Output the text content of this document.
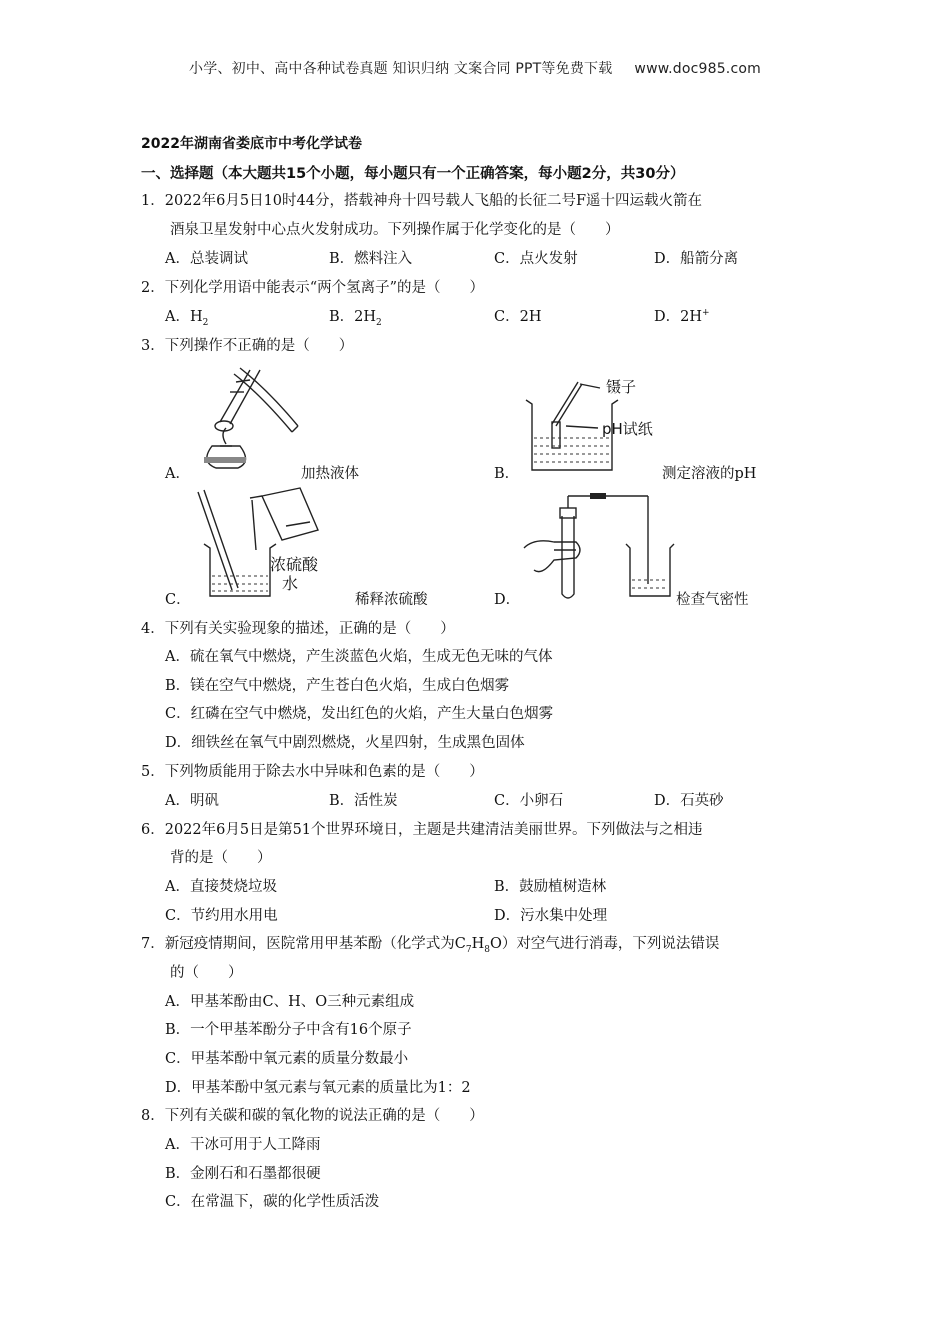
小学、初中、高中各种试卷真题 知识归纳 文案合同 PPT等免费下载 www.doc985.com
2022年湖南省娄底市中考化学试卷
一、选择题（本大题共15个小题，每小题只有一个正确答案，每小题2分，共30分）
1．2022年6月5日10时44分，搭载神舟十四号载人飞船的长征二号F遥十四运载火箭在
酒泉卫星发射中心点火发射成功。下列操作属于化学变化的是（　　）
A．总装调试	B．燃料注入	C．点火发射	D．船箭分离
2．下列化学用语中能表示“两个氢离子”的是（　　）
A．$H_2$	B．$2H_2$	C．2H	D．2H+
3．下列操作不正确的是（　　）
A．	加热液体
镊子
pH试纸
B．	测定溶液的pH
浓硫酸
水
C．	稀释浓硫酸	D．	检查气密性
4．下列有关实验现象的描述，正确的是（　　）
A．硫在氧气中燃烧，产生淡蓝色火焰，生成无色无味的气体
B．镁在空气中燃烧，产生苍白色火焰，生成白色烟雾
C．红磷在空气中燃烧，发出红色的火焰，产生大量白色烟雾
D．细铁丝在氧气中剧烈燃烧，火星四射，生成黑色固体
5．下列物质能用于除去水中异味和色素的是（　　）
A．明矾	B．活性炭	C．小卵石	D．石英砂
6．2022年6月5日是第51个世界环境日，主题是共建清洁美丽世界。下列做法与之相违
背的是（　　）
A．直接焚烧垃圾	B．鼓励植树造林
C．节约用水用电	D．污水集中处理
7．新冠疫情期间，医院常用甲基苯酚（化学式为$C_7H_8O$）对空气进行消毒，下列说法错误
的（　　）
A．甲基苯酚由C、H、O三种元素组成
B．一个甲基苯酚分子中含有16个原子
C．甲基苯酚中氧元素的质量分数最小
D．甲基苯酚中氢元素与氧元素的质量比为1：2
8．下列有关碳和碳的氧化物的说法正确的是（　　）
A．干冰可用于人工降雨
B．金刚石和石墨都很硬
C．在常温下，碳的化学性质活泼
